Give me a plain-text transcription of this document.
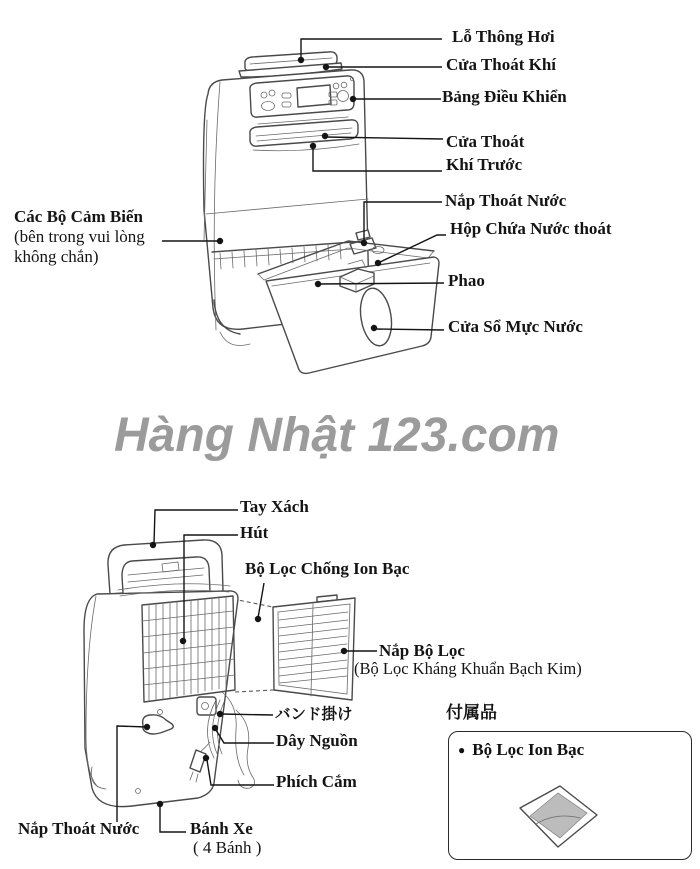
Lỗ Thông Hơi
Cửa Thoát Khí
Bảng Điều Khiển
Cửa Thoát
Khí Trước
Nắp Thoát Nước
Hộp Chứa Nước thoát
Phao
Cửa Sổ Mực Nước
Các Bộ Cảm Biến
(bên trong vui lòng
không chắn)
Hàng Nhật 123.com
Tay Xách
Hút
Bộ Lọc Chống Ion Bạc
Nắp Bộ Lọc
(Bộ Lọc Kháng Khuẩn Bạch Kim)
バンド掛け
Dây Nguồn
Phích Cắm
Nắp Thoát Nước	Bánh Xe
( 4 Bánh )
付属品
● Bộ Lọc Ion Bạc
